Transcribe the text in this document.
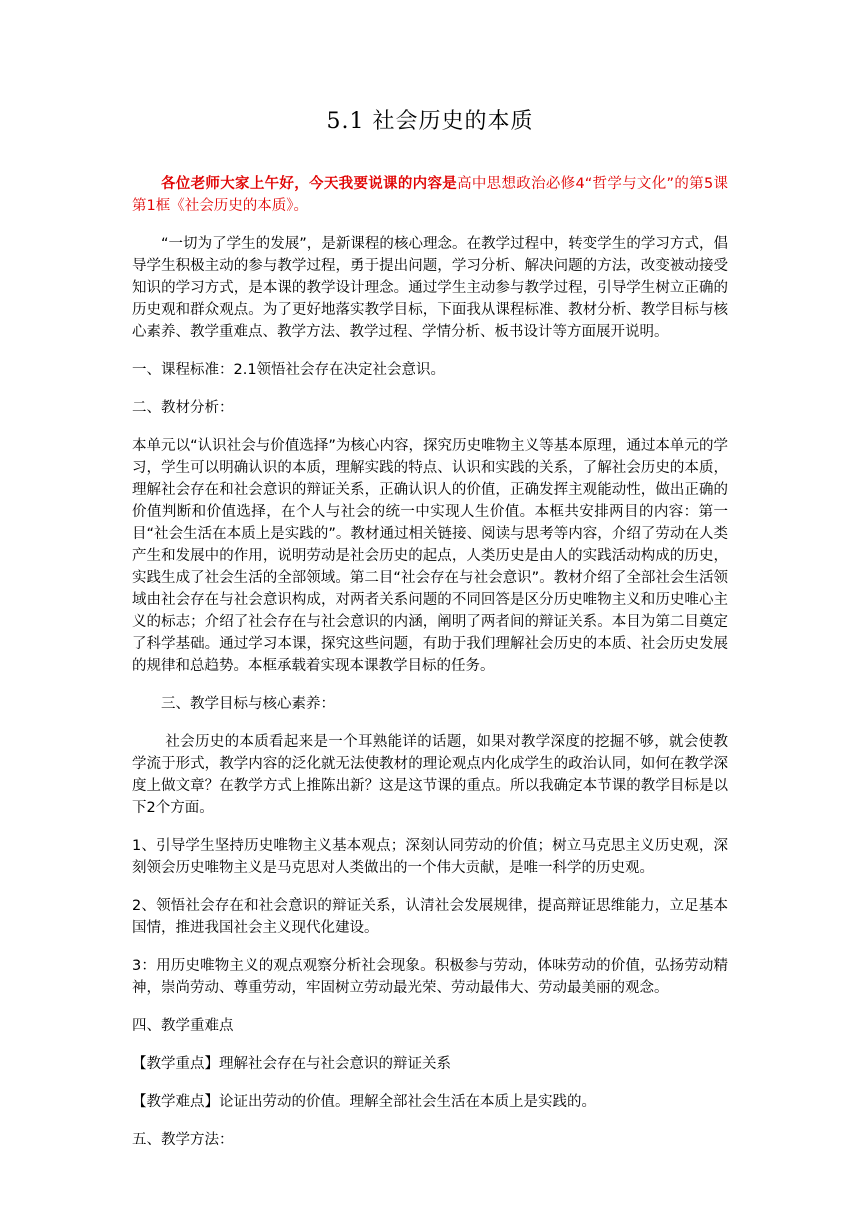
5.1 社会历史的本质

各位老师大家上午好，今天我要说课的内容是高中思想政治必修4“哲学与文化”的第5课第1框《社会历史的本质》。

“一切为了学生的发展”，是新课程的核心理念。在教学过程中，转变学生的学习方式，倡导学生积极主动的参与教学过程，勇于提出问题，学习分析、解决问题的方法，改变被动接受知识的学习方式，是本课的教学设计理念。通过学生主动参与教学过程，引导学生树立正确的历史观和群众观点。为了更好地落实教学目标，下面我从课程标准、教材分析、教学目标与核心素养、教学重难点、教学方法、教学过程、学情分析、板书设计等方面展开说明。

一、课程标准：2.1领悟社会存在决定社会意识。

二、教材分析：

本单元以“认识社会与价值选择”为核心内容，探究历史唯物主义等基本原理，通过本单元的学习，学生可以明确认识的本质，理解实践的特点、认识和实践的关系，了解社会历史的本质，理解社会存在和社会意识的辩证关系，正确认识人的价值，正确发挥主观能动性，做出正确的价值判断和价值选择，在个人与社会的统一中实现人生价值。本框共安排两目的内容：第一目“社会生活在本质上是实践的”。教材通过相关链接、阅读与思考等内容，介绍了劳动在人类产生和发展中的作用，说明劳动是社会历史的起点，人类历史是由人的实践活动构成的历史，实践生成了社会生活的全部领域。第二目“社会存在与社会意识”。教材介绍了全部社会生活领域由社会存在与社会意识构成，对两者关系问题的不同回答是区分历史唯物主义和历史唯心主义的标志；介绍了社会存在与社会意识的内涵，阐明了两者间的辩证关系。本目为第二目奠定了科学基础。通过学习本课，探究这些问题，有助于我们理解社会历史的本质、社会历史发展的规律和总趋势。本框承载着实现本课教学目标的任务。

三、教学目标与核心素养：

社会历史的本质看起来是一个耳熟能详的话题，如果对教学深度的挖掘不够，就会使教学流于形式，教学内容的泛化就无法使教材的理论观点内化成学生的政治认同，如何在教学深度上做文章？在教学方式上推陈出新？这是这节课的重点。所以我确定本节课的教学目标是以下2个方面。

1、引导学生坚持历史唯物主义基本观点；深刻认同劳动的价值；树立马克思主义历史观，深刻领会历史唯物主义是马克思对人类做出的一个伟大贡献，是唯一科学的历史观。

2、领悟社会存在和社会意识的辩证关系，认清社会发展规律，提高辩证思维能力，立足基本国情，推进我国社会主义现代化建设。

3：用历史唯物主义的观点观察分析社会现象。积极参与劳动，体味劳动的价值，弘扬劳动精神，崇尚劳动、尊重劳动，牢固树立劳动最光荣、劳动最伟大、劳动最美丽的观念。

四、教学重难点

【教学重点】理解社会存在与社会意识的辩证关系

【教学难点】论证出劳动的价值。理解全部社会生活在本质上是实践的。

五、教学方法：
